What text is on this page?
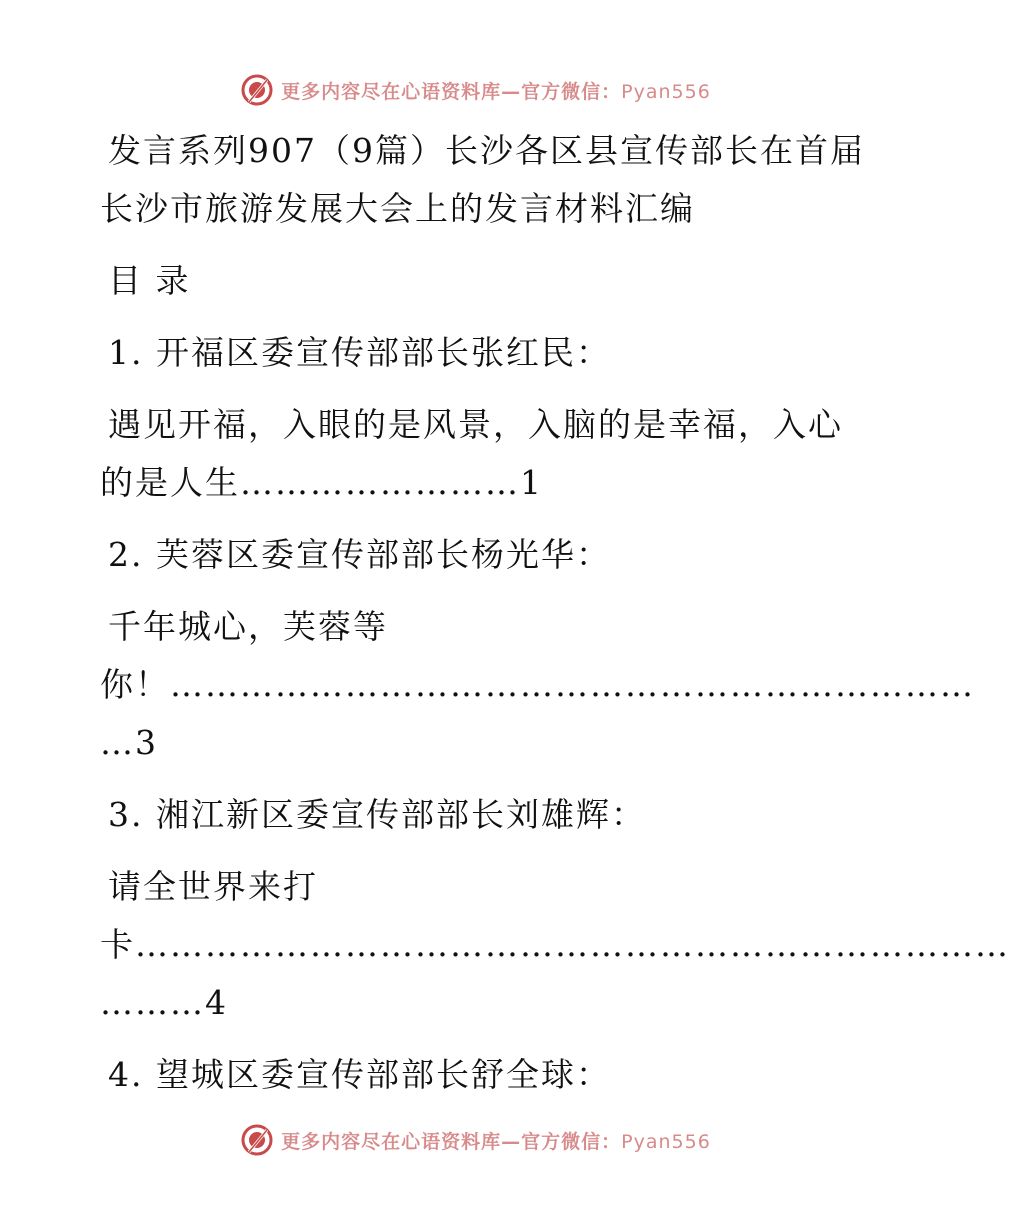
更多内容尽在心语资料库—官方微信：Pyan556
发言系列907（9篇）长沙各区县宣传部长在首届
长沙市旅游发展大会上的发言材料汇编
目 录
1. 开福区委宣传部部长张红民：
遇见开福，入眼的是风景，入脑的是幸福，入心
的是人生……………………1
2. 芙蓉区委宣传部部长杨光华：
千年城心，芙蓉等
你！……………………………………………………………
…3
3. 湘江新区委宣传部部长刘雄辉：
请全世界来打
卡…………………………………………………………………
………4
4. 望城区委宣传部部长舒全球：
更多内容尽在心语资料库—官方微信：Pyan556
